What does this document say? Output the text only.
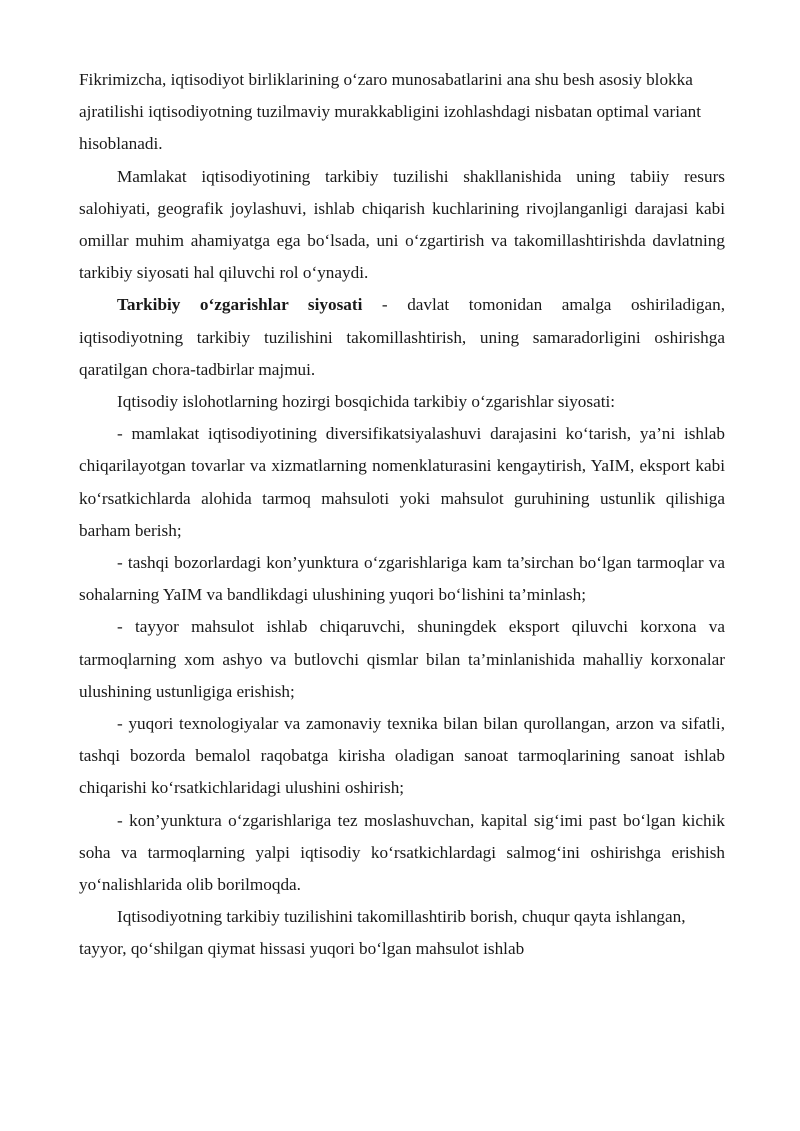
Fikrimizcha, iqtisodiyot birliklarining o‘zaro munosabatlarini ana shu besh asosiy blokka ajratilishi iqtisodiyotning tuzilmaviy murakkabligini izohlashdagi nisbatan optimal variant hisoblanadi.

Mamlakat iqtisodiyotining tarkibiy tuzilishi shakllanishida uning tabiiy resurs salohiyati, geografik joylashuvi, ishlab chiqarish kuchlarining rivojlanganligi darajasi kabi omillar muhim ahamiyatga ega bo‘lsada, uni o‘zgartirish va takomillashtirishda davlatning tarkibiy siyosati hal qiluvchi rol o‘ynaydi.

Tarkibiy o‘zgarishlar siyosati - davlat tomonidan amalga oshiriladigan, iqtisodiyotning tarkibiy tuzilishini takomillashtirish, uning samaradorligini oshirishga qaratilgan chora-tadbirlar majmui.

Iqtisodiy islohotlarning hozirgi bosqichida tarkibiy o‘zgarishlar siyosati:

- mamlakat iqtisodiyotining diversifikatsiyalashuvi darajasini ko‘tarish, ya’ni ishlab chiqarilayotgan tovarlar va xizmatlarning nomenklaturasini kengaytirish, YaIM, eksport kabi ko‘rsatkichlarda alohida tarmoq mahsuloti yoki mahsulot guruhining ustunlik qilishiga barham berish;

- tashqi bozorlardagi kon’yunktura o‘zgarishlariga kam ta’sirchan bo‘lgan tarmoqlar va sohalarning YaIM va bandlikdagi ulushining yuqori bo‘lishini ta’minlash;

- tayyor mahsulot ishlab chiqaruvchi, shuningdek eksport qiluvchi korxona va tarmoqlarning xom ashyo va butlovchi qismlar bilan ta’minlanishida mahalliy korxonalar ulushining ustunligiga erishish;

- yuqori texnologiyalar va zamonaviy texnika bilan bilan qurollangan, arzon va sifatli, tashqi bozorda bemalol raqobatga kirisha oladigan sanoat tarmoqlarining sanoat ishlab chiqarishi ko‘rsatkichlaridagi ulushini oshirish;

- kon’yunktura o‘zgarishlariga tez moslashuvchan, kapital sig‘imi past bo‘lgan kichik soha va tarmoqlarning yalpi iqtisodiy ko‘rsatkichlardagi salmog‘ini oshirishga erishish yo‘nalishlarida olib borilmoqda.

Iqtisodiyotning tarkibiy tuzilishini takomillashtirib borish, chuqur qayta ishlangan, tayyor, qo‘shilgan qiymat hissasi yuqori bo‘lgan mahsulot ishlab
